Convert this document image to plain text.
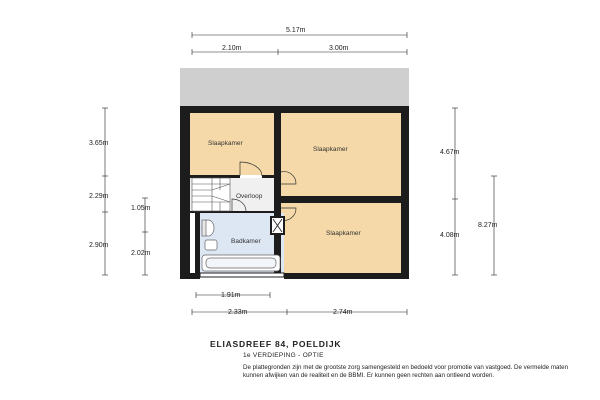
Slaapkamer
Slaapkamer
Overloop
Badkamer
Slaapkamer
5.17m
2.10m	3.00m
3.65m
2.29m
2.90m
1.05m
2.02m
4.67m
4.08m
8.27m
1.91m
2.33m	2.74m
ELIASDREEF 84, POELDIJK
1e VERDIEPING - OPTIE
De plattegronden zijn met de grootste zorg samengesteld en bedoeld voor promotie van vastgoed. De vermelde maten kunnen afwijken van de realiteit en de BBMI. Er kunnen geen rechten aan ontleend worden.
